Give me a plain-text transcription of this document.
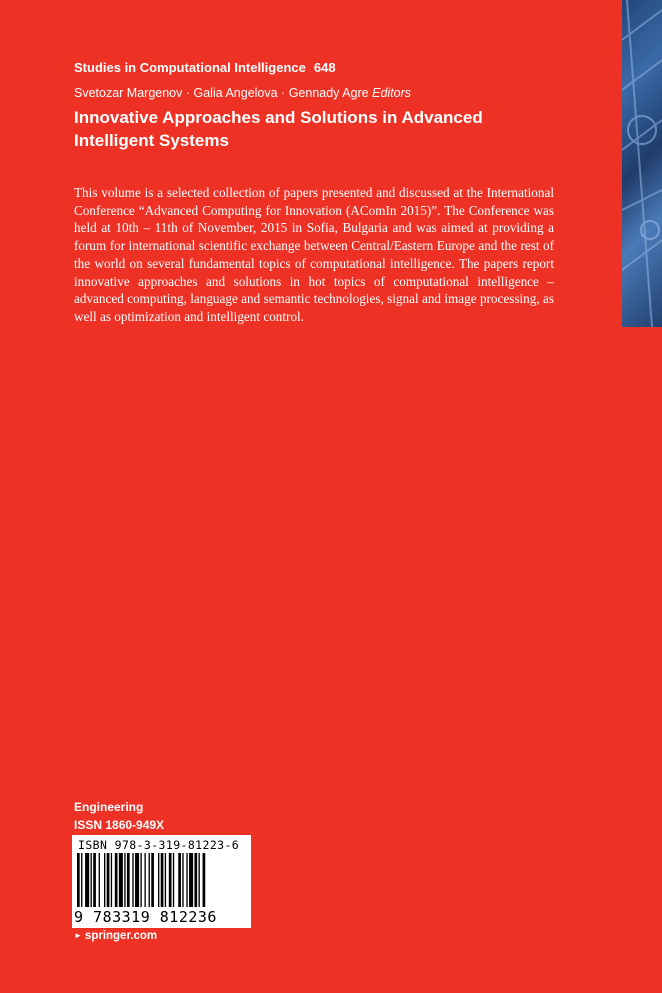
Studies in Computational Intelligence 648
Svetozar Margenov · Galia Angelova · Gennady Agre Editors
Innovative Approaches and Solutions in Advanced Intelligent Systems
This volume is a selected collection of papers presented and discussed at the International Conference “Advanced Computing for Innovation (AComIn 2015)”. The Conference was held at 10th – 11th of November, 2015 in Sofia, Bulgaria and was aimed at providing a forum for international scientific exchange between Central/Eastern Europe and the rest of the world on several fundamental topics of computational intelligence. The papers report innovative approaches and solutions in hot topics of computational intelligence – advanced computing, language and semantic technologies, signal and image processing, as well as optimization and intelligent control.
Engineering
ISSN 1860-949X
ISBN 978-3-319-81223-6
9 783319 812236
► springer.com
